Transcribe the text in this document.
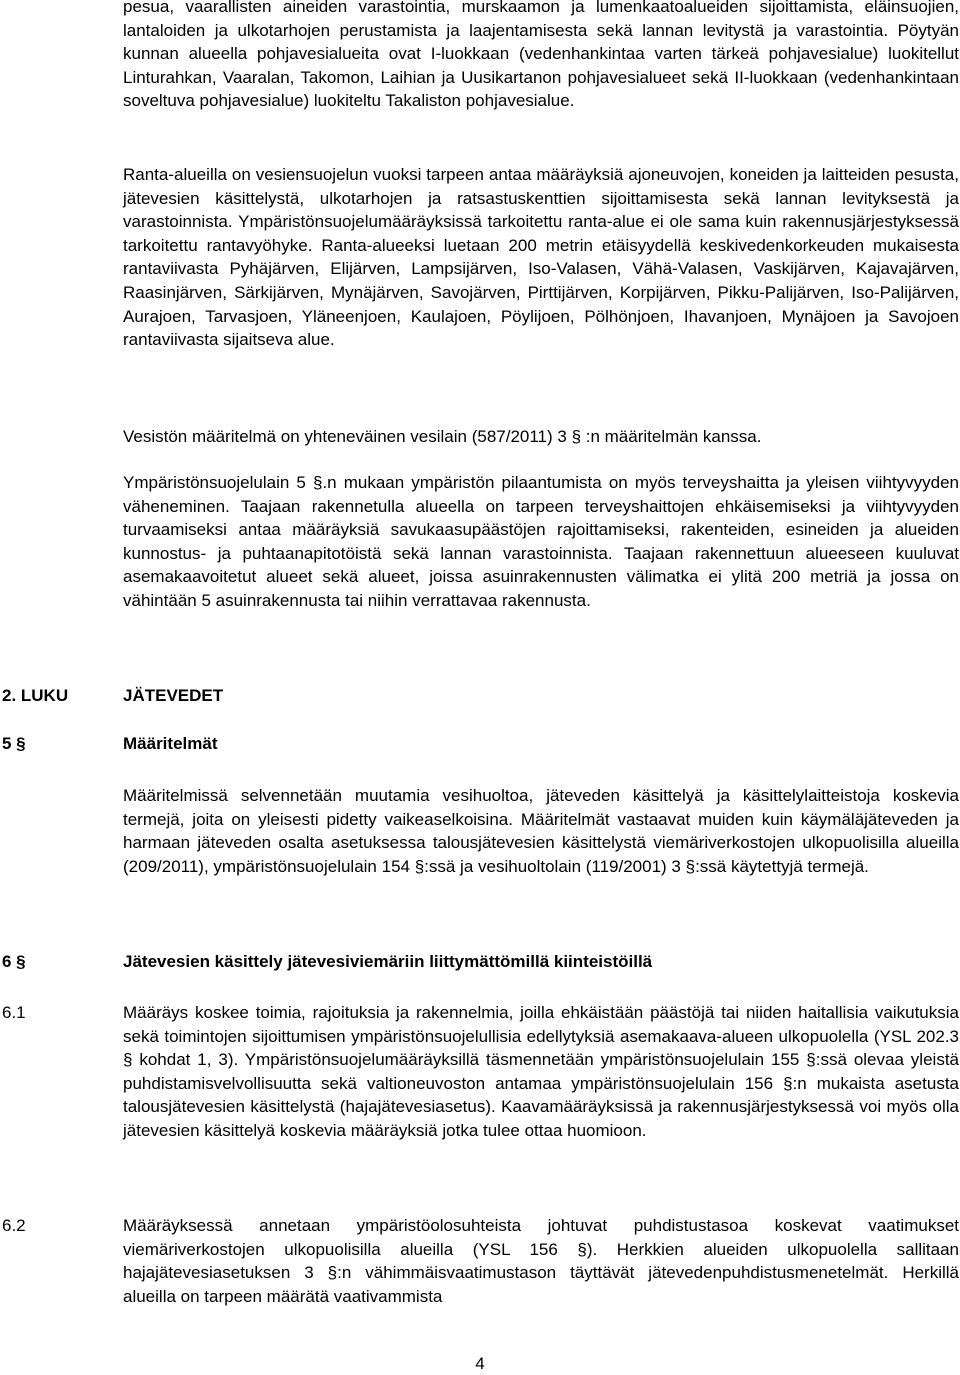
pesua, vaarallisten aineiden varastointia, murskaamon ja lumenkaatoalueiden sijoittamista, eläinsuojien, lantaloiden ja ulkotarhojen perustamista ja laajentamisesta sekä lannan levitystä ja varastointia. Pöytyän kunnan alueella pohjavesialueita ovat I-luokkaan (vedenhankintaa varten tärkeä pohjavesialue) luokitellut Linturahkan, Vaaralan, Takomon, Laihian ja Uusikartanon pohjavesialueet sekä II-luokkaan (vedenhankintaan soveltuva pohjavesialue) luokiteltu Takaliston pohjavesialue.

Ranta-alueilla on vesiensuojelun vuoksi tarpeen antaa määräyksiä ajoneuvojen, koneiden ja laitteiden pesusta, jätevesien käsittelystä, ulkotarhojen ja ratsastuskenttien sijoittamisesta sekä lannan levityksestä ja varastoinnista. Ympäristönsuojelumääräyksissä tarkoitettu ranta-alue ei ole sama kuin rakennusjärjestyksessä tarkoitettu rantavyöhyke. Ranta-alueeksi luetaan 200 metrin etäisyydellä keskivedenkorkeuden mukaisesta rantaviivasta Pyhäjärven, Elijärven, Lampsijärven, Iso-Valasen, Vähä-Valasen, Vaskijärven, Kajavajärven, Raasinjärven, Särkijärven, Mynäjärven, Savojärven, Pirttijärven, Korpijärven, Pikku-Palijärven, Iso-Palijärven, Aurajoen, Tarvasjoen, Yläneenjoen, Kaulajoen, Pöylijoen, Pölhönjoen, Ihavanjoen, Mynäjoen ja Savojoen rantaviivasta sijaitseva alue.

Vesistön määritelmä on yhteneväinen vesilain (587/2011) 3 § :n määritelmän kanssa.

Ympäristönsuojelulain 5 §.n mukaan ympäristön pilaantumista on myös terveyshaitta ja yleisen viihtyvyyden väheneminen. Taajaan rakennetulla alueella on tarpeen terveyshaittojen ehkäisemiseksi ja viihtyvyyden turvaamiseksi antaa määräyksiä savukaasupäästöjen rajoittamiseksi, rakenteiden, esineiden ja alueiden kunnostus- ja puhtaanapitotöistä sekä lannan varastoinnista. Taajaan rakennettuun alueeseen kuuluvat asemakaavoitetut alueet sekä alueet, joissa asuinrakennusten välimatka ei ylitä 200 metriä ja jossa on vähintään 5 asuinrakennusta tai niihin verrattavaa rakennusta.

2. LUKU	JÄTEVEDET
5 §	Määritelmät

Määritelmissä selvennetään muutamia vesihuoltoa, jäteveden käsittelyä ja käsittelylaitteistoja koskevia termejä, joita on yleisesti pidetty vaikeaselkoisina. Määritelmät vastaavat muiden kuin käymäläjäteveden ja harmaan jäteveden osalta asetuksessa talousjätevesien käsittelystä viemäriverkostojen ulkopuolisilla alueilla (209/2011), ympäristönsuojelulain 154 §:ssä ja vesihuoltolain (119/2001) 3 §:ssä käytettyjä termejä.

6 §	Jätevesien käsittely jätevesiviemäriin liittymättömillä kiinteistöillä
6.1	Määräys koskee toimia, rajoituksia ja rakennelmia, joilla ehkäistään päästöjä tai niiden haitallisia vaikutuksia sekä toimintojen sijoittumisen ympäristönsuojelullisia edellytyksiä asemakaava-alueen ulkopuolella (YSL 202.3 § kohdat 1, 3). Ympäristönsuojelumääräyksillä täsmennetään ympäristönsuojelulain 155 §:ssä olevaa yleistä puhdistamisvelvollisuutta sekä valtioneuvoston antamaa ympäristönsuojelulain 156 §:n mukaista asetusta talousjätevesien käsittelystä (hajajätevesiasetus). Kaavamääräyksissä ja rakennusjärjestyksessä voi myös olla jätevesien käsittelyä koskevia määräyksiä jotka tulee ottaa huomioon.

6.2	Määräyksessä annetaan ympäristöolosuhteista johtuvat puhdistustasoa koskevat vaatimukset viemäriverkostojen ulkopuolisilla alueilla (YSL 156 §). Herkkien alueiden ulkopuolella sallitaan hajajätevesiasetuksen 3 §:n vähimmäisvaatimustason täyttävät jätevedenpuhdistusmenetelmät. Herkillä alueilla on tarpeen määrätä vaativammista

4
